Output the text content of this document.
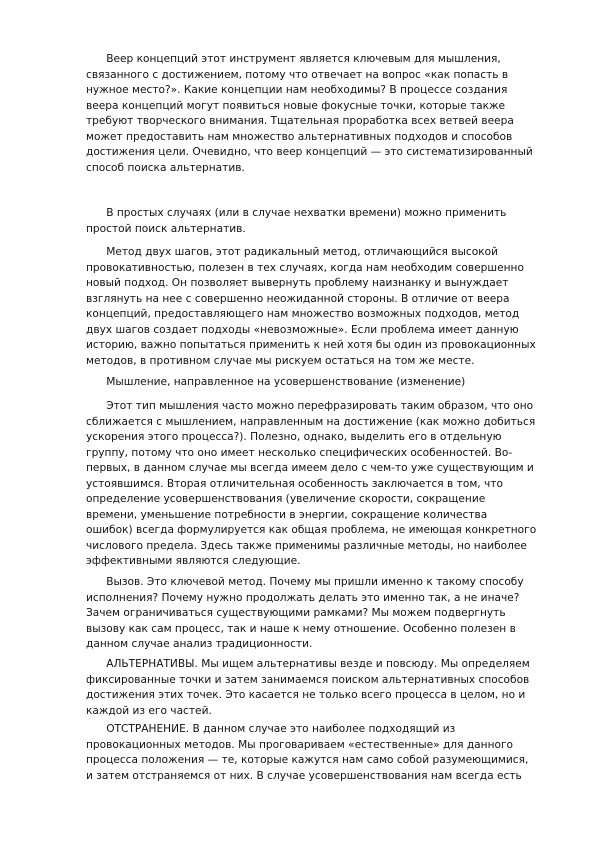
Веер концепций этот инструмент является ключевым для мышления,
связанного с достижением, потому что отвечает на вопрос «как попасть в
нужное место?». Какие концепции нам необходимы? В процессе создания
веера концепций могут появиться новые фокусные точки, которые также
требуют творческого внимания. Тщательная проработка всех ветвей веера
может предоставить нам множество альтернативных подходов и способов
достижения цели. Очевидно, что веер концепций — это систематизированный
способ поиска альтернатив.
В простых случаях (или в случае нехватки времени) можно применить
простой поиск альтернатив.
Метод двух шагов, этот радикальный метод, отличающийся высокой
провокативностью, полезен в тех случаях, когда нам необходим совершенно
новый подход. Он позволяет вывернуть проблему наизнанку и вынуждает
взглянуть на нее с совершенно неожиданной стороны. В отличие от веера
концепций, предоставляющего нам множество возможных подходов, метод
двух шагов создает подходы «невозможные». Если проблема имеет данную
историю, важно попытаться применить к ней хотя бы один из провокационных
методов, в противном случае мы рискуем остаться на том же месте.
Мышление, направленное на усовершенствование (изменение)
Этот тип мышления часто можно перефразировать таким образом, что оно
сближается с мышлением, направленным на достижение (как можно добиться
ускорения этого процесса?). Полезно, однако, выделить его в отдельную
группу, потому что оно имеет несколько специфических особенностей. Во-
первых, в данном случае мы всегда имеем дело с чем-то уже существующим и
устоявшимся. Вторая отличительная особенность заключается в том, что
определение усовершенствования (увеличение скорости, сокращение
времени, уменьшение потребности в энергии, сокращение количества
ошибок) всегда формулируется как общая проблема, не имеющая конкретного
числового предела. Здесь также применимы различные методы, но наиболее
эффективными являются следующие.
Вызов. Это ключевой метод. Почему мы пришли именно к такому способу
исполнения? Почему нужно продолжать делать это именно так, а не иначе?
Зачем ограничиваться существующими рамками? Мы можем подвергнуть
вызову как сам процесс, так и наше к нему отношение. Особенно полезен в
данном случае анализ традиционности.
АЛЬТЕРНАТИВЫ. Мы ищем альтернативы везде и повсюду. Мы определяем
фиксированные точки и затем занимаемся поиском альтернативных способов
достижения этих точек. Это касается не только всего процесса в целом, но и
каждой из его частей.
ОТСТРАНЕНИЕ. В данном случае это наиболее подходящий из
провокационных методов. Мы проговариваем «естественные» для данного
процесса положения — те, которые кажутся нам само собой разумеющимися,
и затем отстраняемся от них. В случае усовершенствования нам всегда есть
